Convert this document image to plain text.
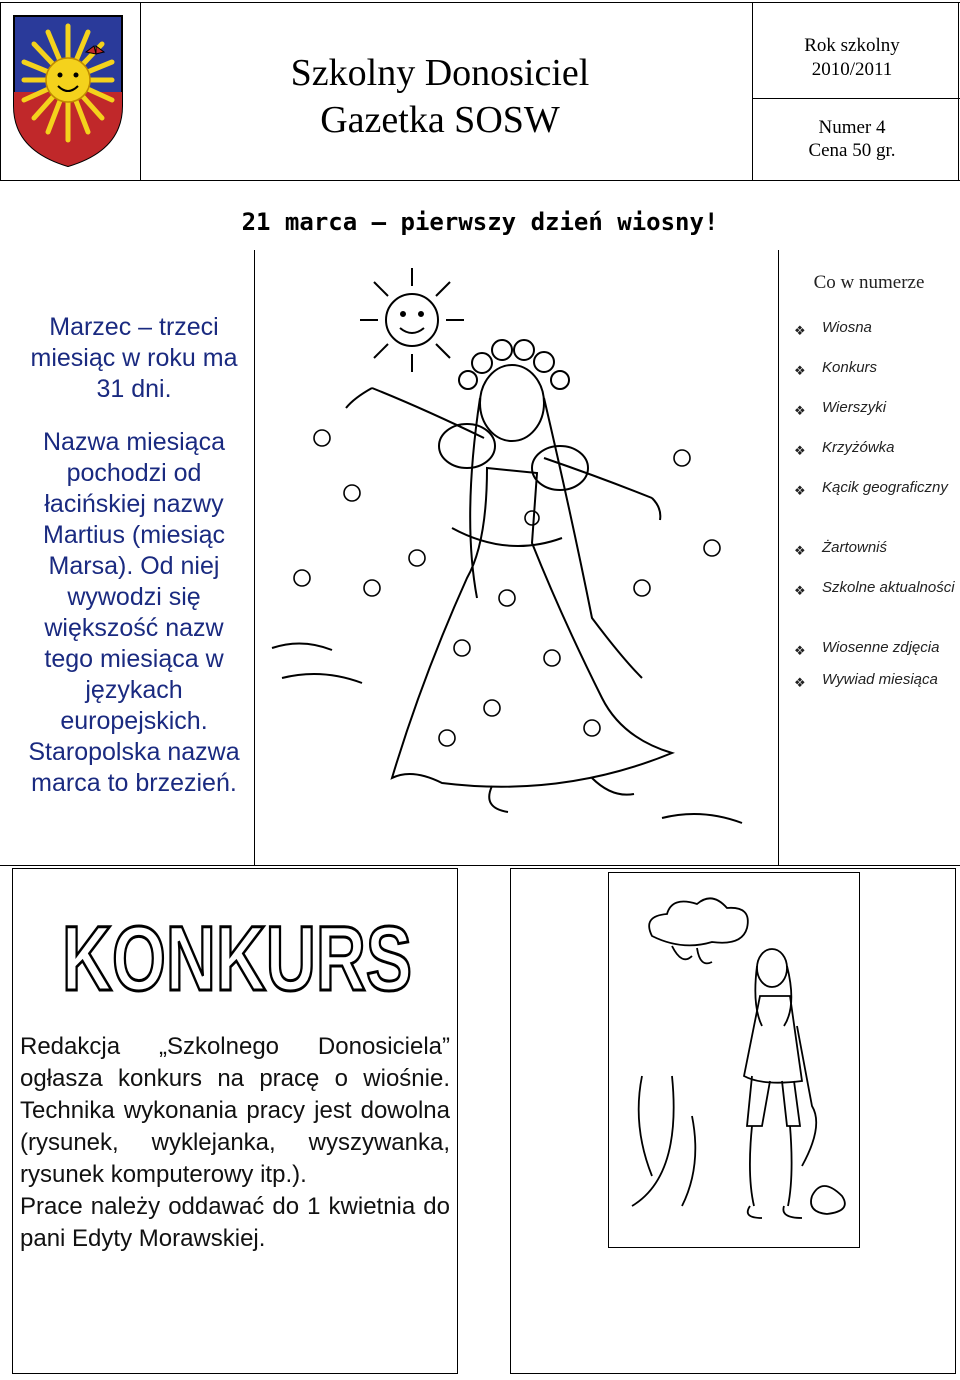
Szkolny Donosiciel
Gazetka SOSW
Rok szkolny
2010/2011
Numer 4
Cena 50 gr.
21 marca – pierwszy dzień wiosny!

Marzec – trzeci miesiąc w roku ma 31 dni.

Nazwa miesiąca pochodzi od łacińskiej nazwy Martius (miesiąc Marsa). Od niej wywodzi się większość nazw tego miesiąca w językach europejskich. Staropolska nazwa marca to brzezień.

Co w numerze
❖ Wiosna
❖ Konkurs
❖ Wierszyki
❖ Krzyżówka
❖ Kącik geograficzny
❖ Żartowniś
❖ Szkolne aktualności
❖ Wiosenne zdjęcia
❖ Wywiad miesiąca
KONKURS

Redakcja „Szkolnego Donosiciela” ogłasza konkurs na pracę o wiośnie. Technika wykonania pracy jest dowolna (rysunek, wyklejanka, wyszywanka, rysunek komputerowy itp.).

Prace należy oddawać do 1 kwietnia do pani Edyty Morawskiej.
